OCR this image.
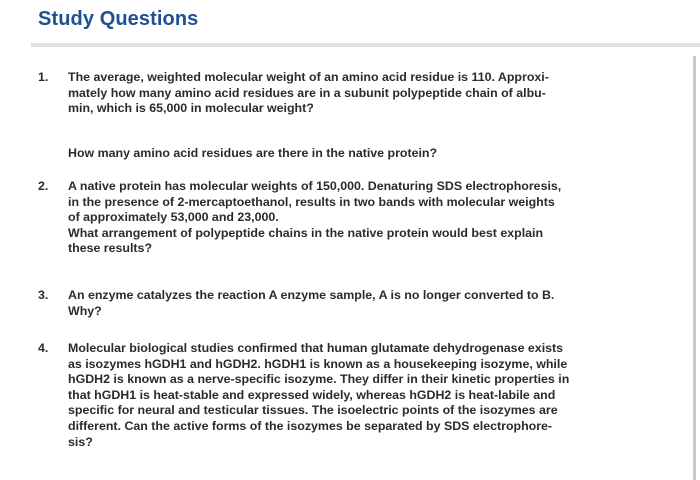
Study Questions
1. The average, weighted molecular weight of an amino acid residue is 110. Approxi-
mately how many amino acid residues are in a subunit polypeptide chain of albu-
min, which is 65,000 in molecular weight?
How many amino acid residues are there in the native protein?
2. A native protein has molecular weights of 150,000. Denaturing SDS electrophoresis,
in the presence of 2-mercaptoethanol, results in two bands with molecular weights
of approximately 53,000 and 23,000.
What arrangement of polypeptide chains in the native protein would best explain
these results?
3. An enzyme catalyzes the reaction A enzyme sample, A is no longer converted to B.
Why?
4. Molecular biological studies confirmed that human glutamate dehydrogenase exists
as isozymes hGDH1 and hGDH2. hGDH1 is known as a housekeeping isozyme, while
hGDH2 is known as a nerve-specific isozyme. They differ in their kinetic properties in
that hGDH1 is heat-stable and expressed widely, whereas hGDH2 is heat-labile and
specific for neural and testicular tissues. The isoelectric points of the isozymes are
different. Can the active forms of the isozymes be separated by SDS electrophore-
sis?
